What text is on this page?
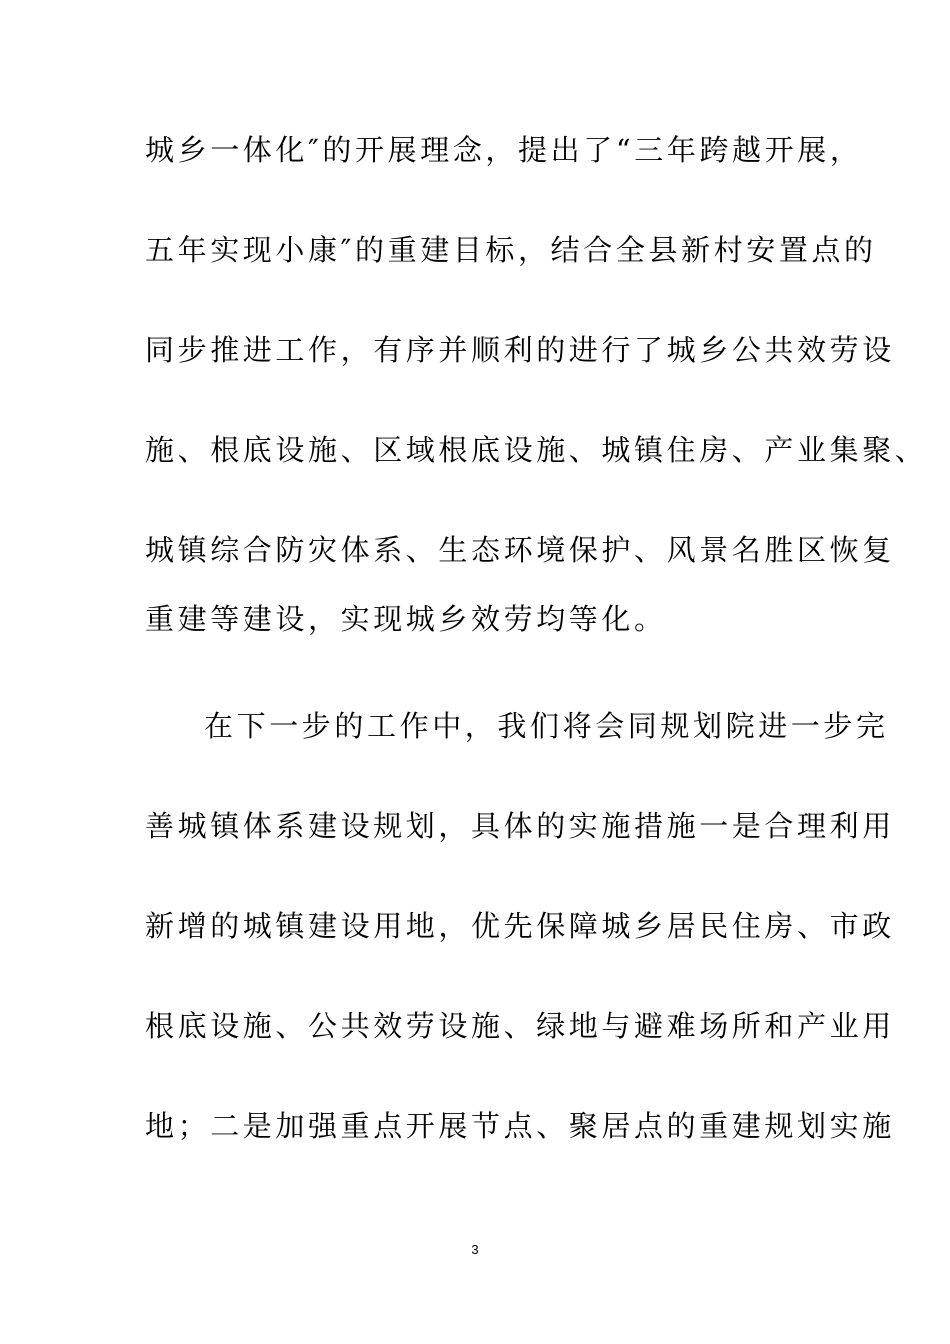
城乡一体化″的开展理念，提出了“三年跨越开展，
五年实现小康″的重建目标，结合全县新村安置点的
同步推进工作，有序并顺利的进行了城乡公共效劳设
施、根底设施、区域根底设施、城镇住房、产业集聚、
城镇综合防灾体系、生态环境保护、风景名胜区恢复
重建等建设，实现城乡效劳均等化。
在下一步的工作中，我们将会同规划院进一步完
善城镇体系建设规划，具体的实施措施一是合理利用
新增的城镇建设用地，优先保障城乡居民住房、市政
根底设施、公共效劳设施、绿地与避难场所和产业用
地；二是加强重点开展节点、聚居点的重建规划实施
3
